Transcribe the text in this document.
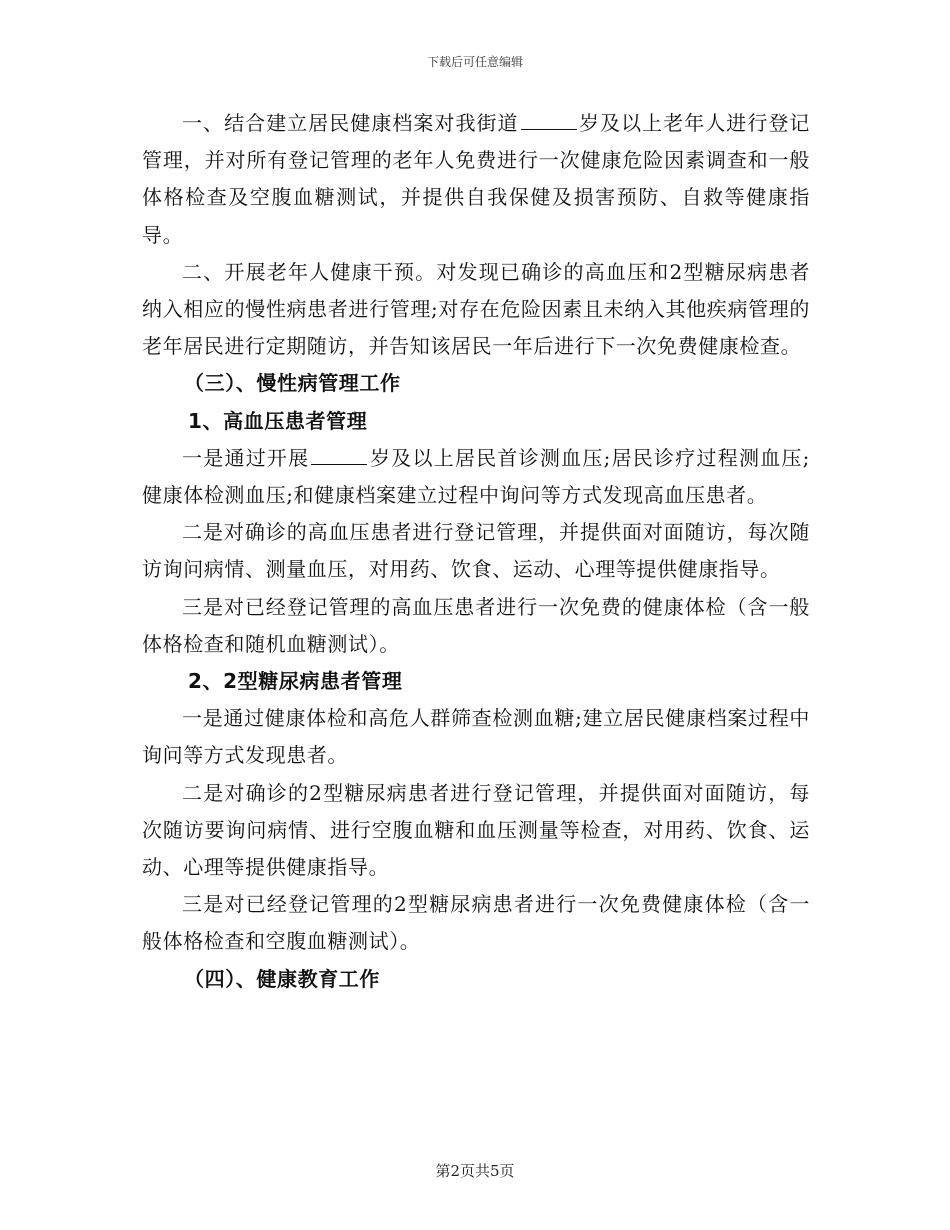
下载后可任意编辑

一、结合建立居民健康档案对我街道	岁及以上老年人进行登记管理，并对所有登记管理的老年人免费进行一次健康危险因素调查和一般体格检查及空腹血糖测试，并提供自我保健及损害预防、自救等健康指导。

二、开展老年人健康干预。对发现已确诊的高血压和2型糖尿病患者纳入相应的慢性病患者进行管理;对存在危险因素且未纳入其他疾病管理的老年居民进行定期随访，并告知该居民一年后进行下一次免费健康检查。

（三）、慢性病管理工作

1、高血压患者管理

一是通过开展	岁及以上居民首诊测血压;居民诊疗过程测血压;健康体检测血压;和健康档案建立过程中询问等方式发现高血压患者。

二是对确诊的高血压患者进行登记管理，并提供面对面随访，每次随访询问病情、测量血压，对用药、饮食、运动、心理等提供健康指导。

三是对已经登记管理的高血压患者进行一次免费的健康体检（含一般体格检查和随机血糖测试）。

2、2型糖尿病患者管理

一是通过健康体检和高危人群筛查检测血糖;建立居民健康档案过程中询问等方式发现患者。

二是对确诊的2型糖尿病患者进行登记管理，并提供面对面随访，每次随访要询问病情、进行空腹血糖和血压测量等检查，对用药、饮食、运动、心理等提供健康指导。

三是对已经登记管理的2型糖尿病患者进行一次免费健康体检（含一般体格检查和空腹血糖测试）。

（四）、健康教育工作

第2页共5页
